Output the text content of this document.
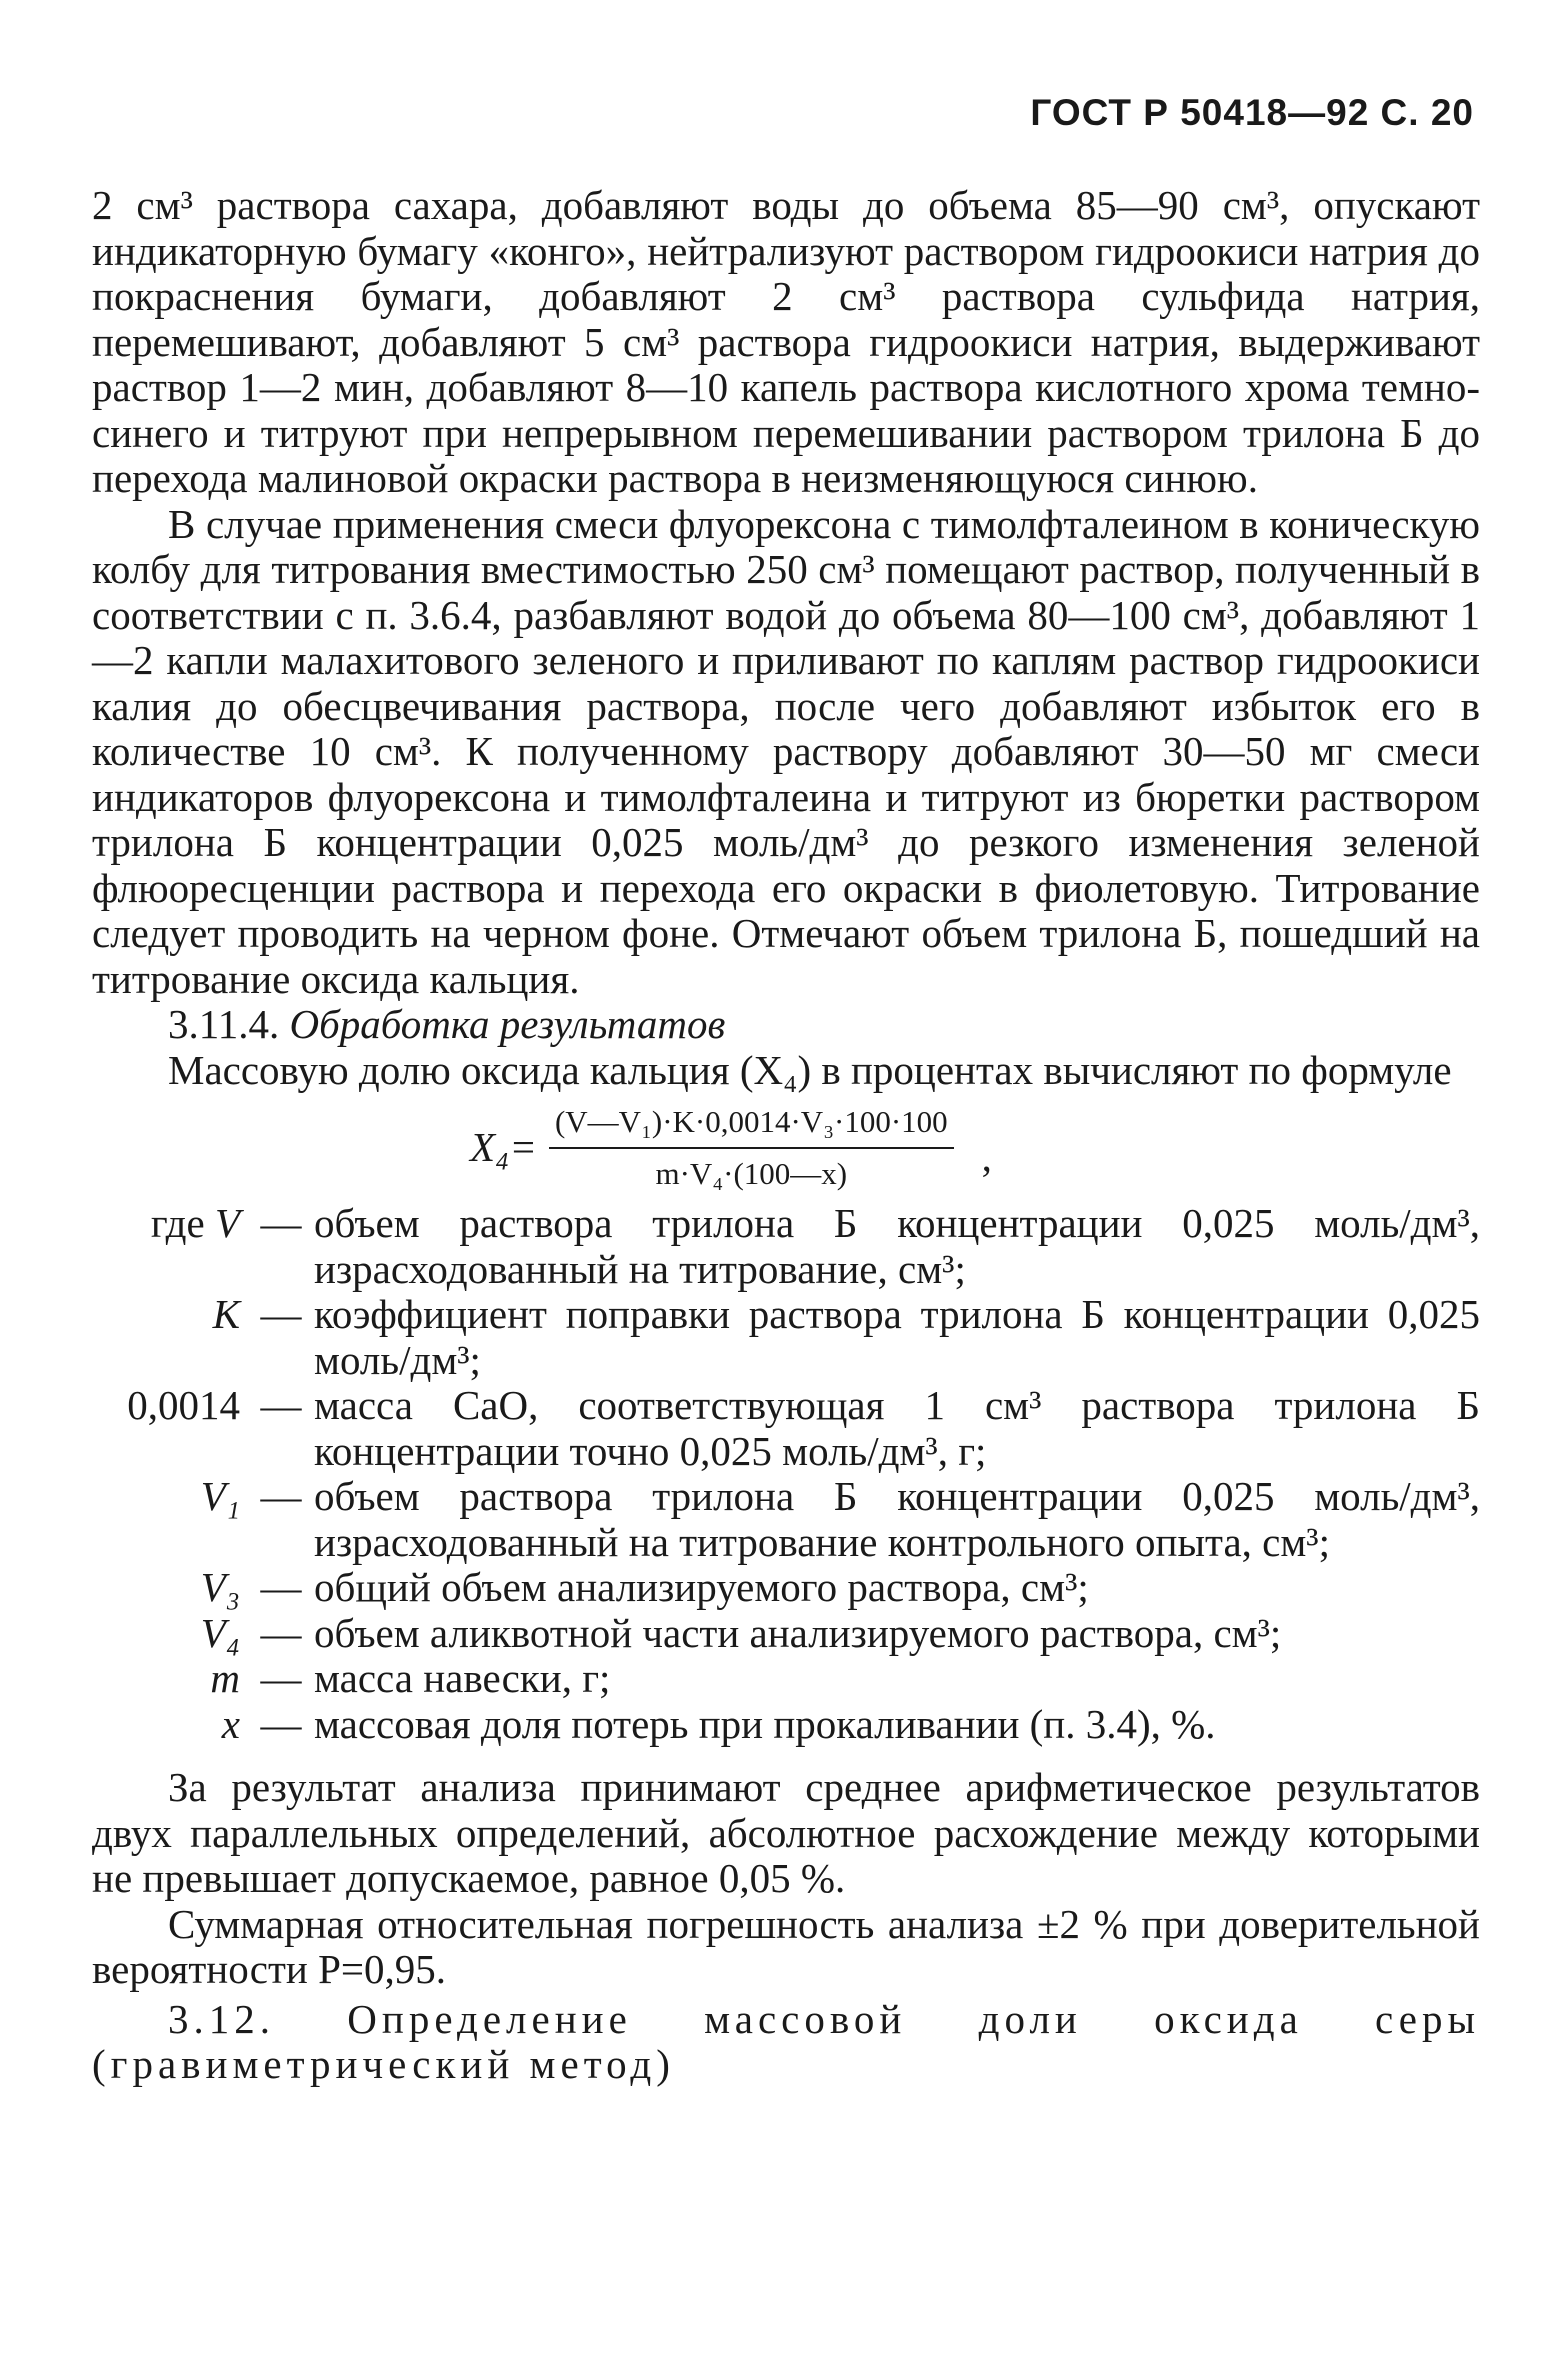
ГОСТ Р 50418—92 С. 20

2 см³ раствора сахара, добавляют воды до объема 85—90 см³, опускают индикаторную бумагу «конго», нейтрализуют раствором гидроокиси натрия до покраснения бумаги, добавляют 2 см³ раствора сульфида натрия, перемешивают, добавляют 5 см³ раствора гидроокиси натрия, выдерживают раствор 1—2 мин, добавляют 8—10 капель раствора кислотного хрома темно-синего и титруют при непрерывном перемешивании раствором трилона Б до перехода малиновой окраски раствора в неизменяющуюся синюю.

В случае применения смеси флуорексона с тимолфталеином в коническую колбу для титрования вместимостью 250 см³ помещают раствор, полученный в соответствии с п. 3.6.4, разбавляют водой до объема 80—100 см³, добавляют 1—2 капли малахитового зеленого и приливают по каплям раствор гидроокиси калия до обесцвечивания раствора, после чего добавляют избыток его в количестве 10 см³. К полученному раствору добавляют 30—50 мг смеси индикаторов флуорексона и тимолфталеина и титруют из бюретки раствором трилона Б концентрации 0,025 моль/дм³ до резкого изменения зеленой флюоресценции раствора и перехода его окраски в фиолетовую. Титрование следует проводить на черном фоне. Отмечают объем трилона Б, пошедший на титрование оксида кальция.

3.11.4. Обработка результатов

Массовую долю оксида кальция (X₄) в процентах вычисляют по формуле

$X_4= \frac{\text{(V—V₁)·K·0,0014·V₃·100·100}}{\text{m·V₄·(100—x)}}$ ,
где V — объем раствора трилона Б концентрации 0,025 моль/дм³, израсходованный на титрование, см³;
K — коэффициент поправки раствора трилона Б концентрации 0,025 моль/дм³;
0,0014 — масса CaO, соответствующая 1 см³ раствора трилона Б концентрации точно 0,025 моль/дм³, г;
V₁ — объем раствора трилона Б концентрации 0,025 моль/дм³, израсходованный на титрование контрольного опыта, см³;
V₃ — общий объем анализируемого раствора, см³;
V₄ — объем аликвотной части анализируемого раствора, см³;
m — масса навески, г;
x — массовая доля потерь при прокаливании (п. 3.4), %.

За результат анализа принимают среднее арифметическое результатов двух параллельных определений, абсолютное расхождение между которыми не превышает допускаемое, равное 0,05 %.

Суммарная относительная погрешность анализа ±2 % при доверительной вероятности P=0,95.

3.12. Определение массовой доли оксида серы (гравиметрический метод)
